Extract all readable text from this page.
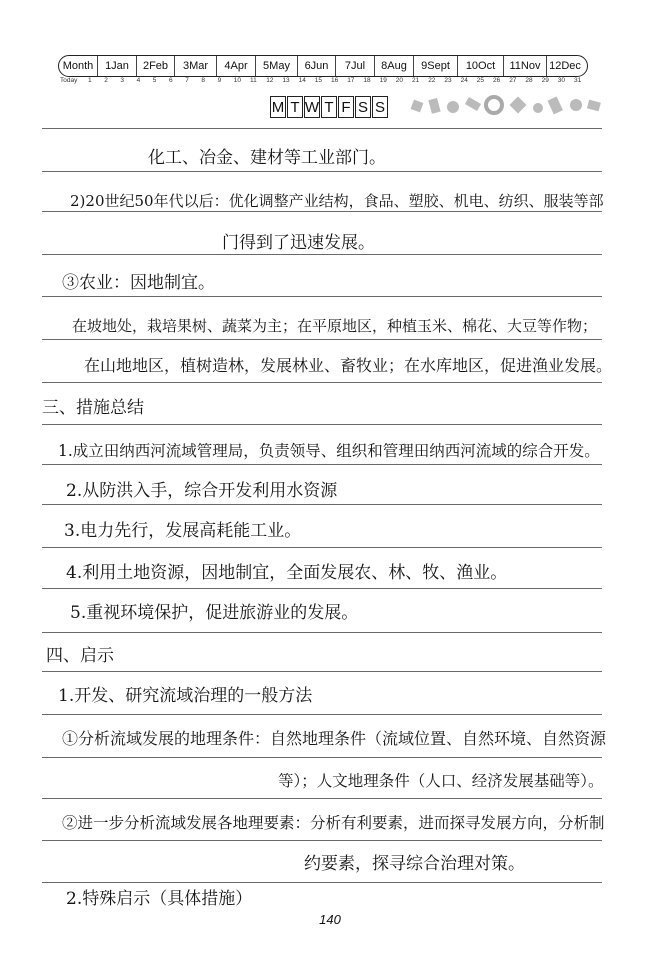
Month	1Jan	2Feb	3Mar	4Apr	5May	6Jun	7Jul	8Aug	9Sept	10Oct	11Nov 12Dec
Today 1 2 3 4 5 6 7 8 9 10 11 12 13 14 15 16 17 18 19 20 21 22 23 24 25 26 27 28 29 30 31
M T W T F S S
化工、冶金、建材等工业部门。
2)20世纪50年代以后：优化调整产业结构，食品、塑胶、机电、纺织、服装等部
门得到了迅速发展。
③农业：因地制宜。
在坡地处，栽培果树、蔬菜为主；在平原地区，种植玉米、棉花、大豆等作物；
在山地地区，植树造林，发展林业、畜牧业；在水库地区，促进渔业发展。
三、措施总结
1.成立田纳西河流域管理局，负责领导、组织和管理田纳西河流域的综合开发。
2.从防洪入手，综合开发利用水资源
3.电力先行，发展高耗能工业。
4.利用土地资源，因地制宜，全面发展农、林、牧、渔业。
5.重视环境保护，促进旅游业的发展。
四、启示
1.开发、研究流域治理的一般方法
①分析流域发展的地理条件：自然地理条件（流域位置、自然环境、自然资源
等）；人文地理条件（人口、经济发展基础等）。
②进一步分析流域发展各地理要素：分析有利要素，进而探寻发展方向，分析制
约要素，探寻综合治理对策。
2.特殊启示（具体措施）
140
